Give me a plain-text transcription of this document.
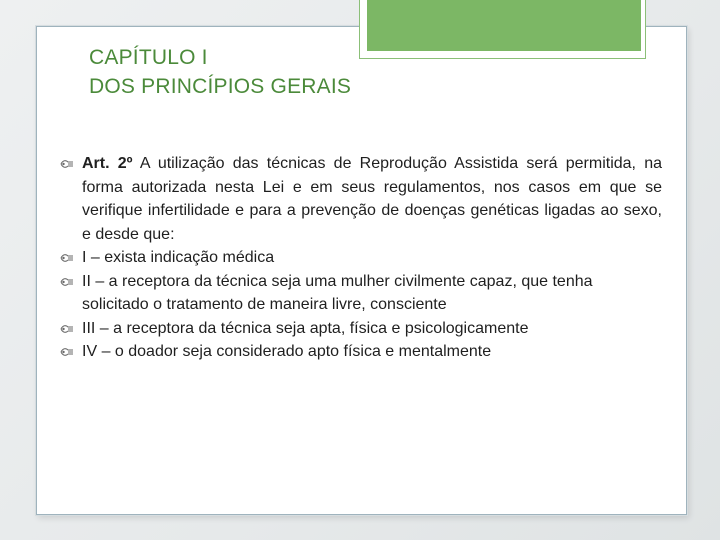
CAPÍTULO I
DOS PRINCÍPIOS GERAIS
Art. 2º A utilização das técnicas de Reprodução Assistida será permitida, na forma autorizada nesta Lei e em seus regulamentos, nos casos em que se verifique infertilidade e para a prevenção de doenças genéticas ligadas ao sexo, e desde que:
I – exista indicação médica
II – a receptora da técnica seja uma mulher civilmente capaz, que tenha solicitado o tratamento de maneira livre, consciente
III – a receptora da técnica seja apta, física e psicologicamente
IV – o doador seja considerado apto física e mentalmente
